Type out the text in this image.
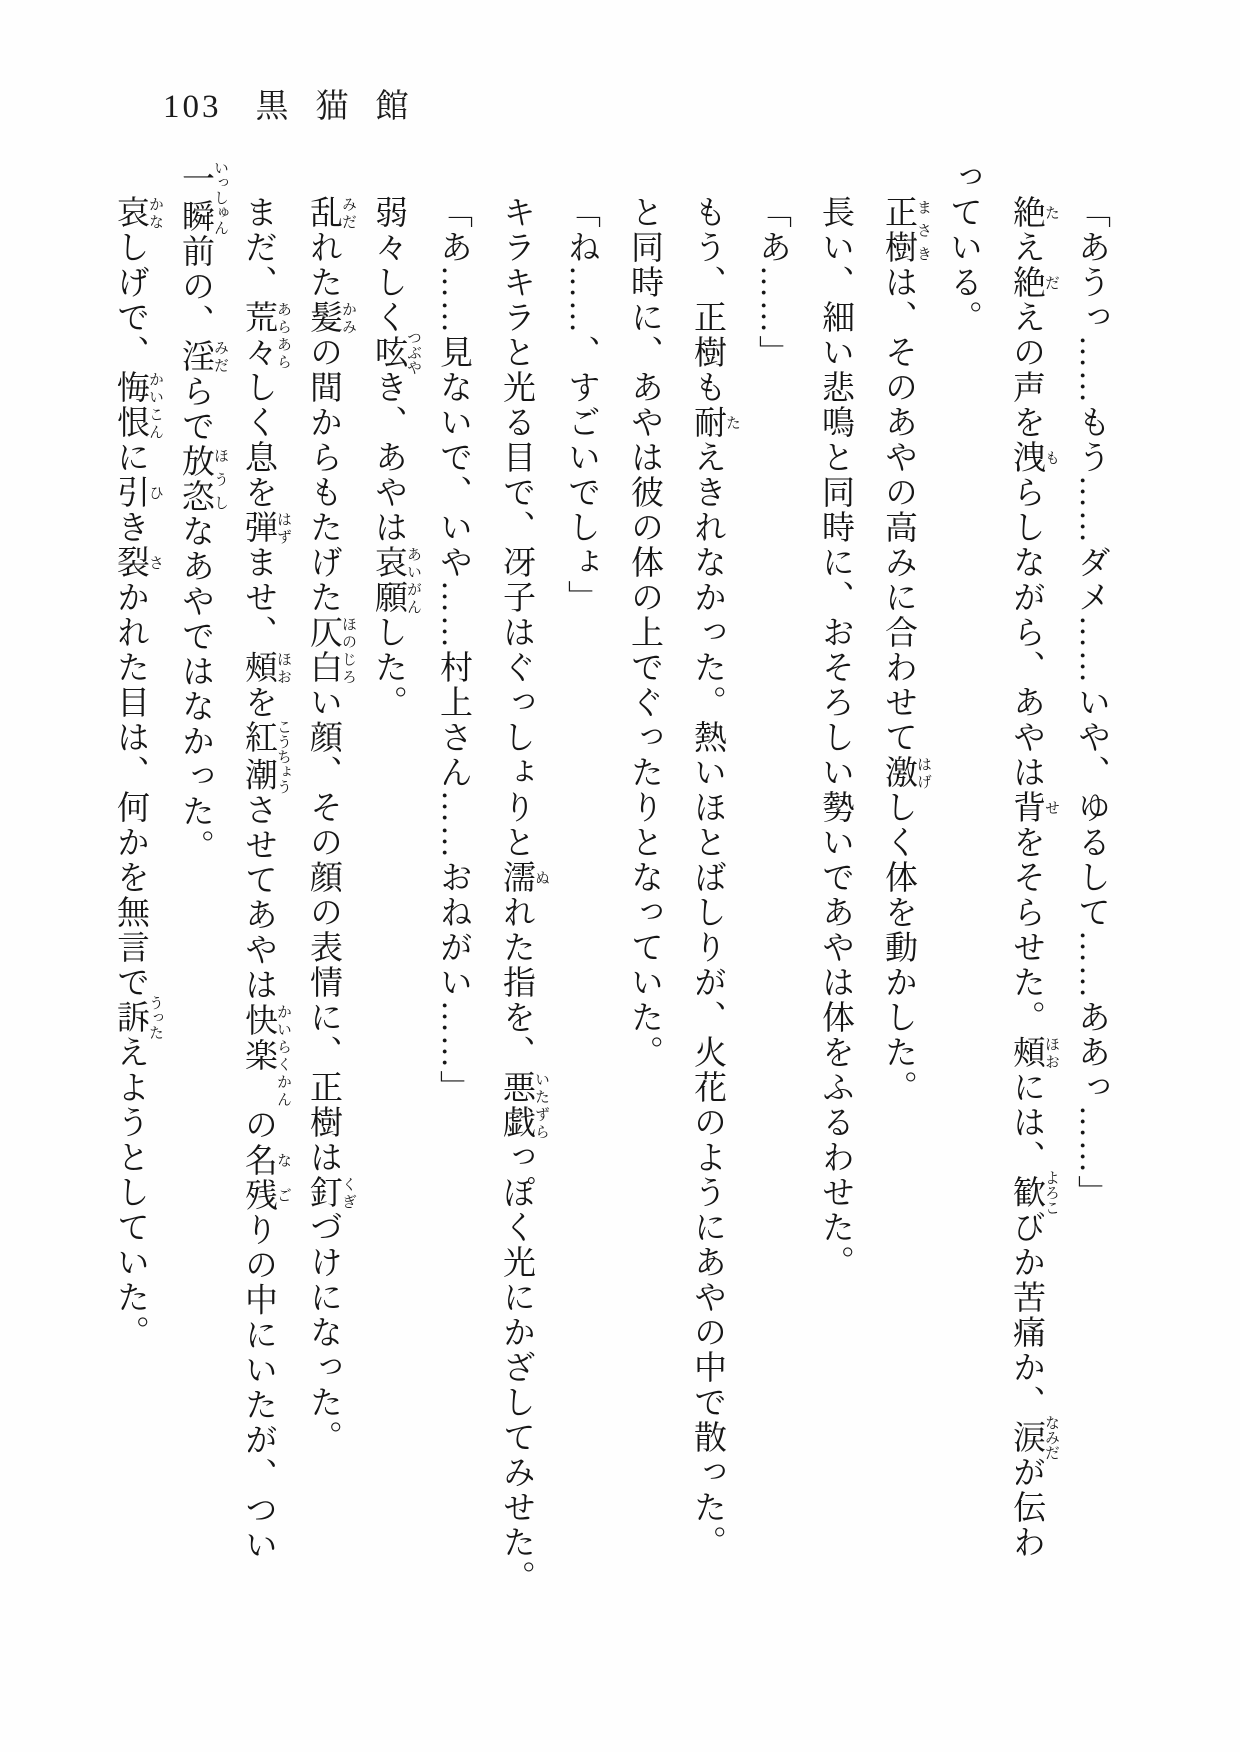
103 黒猫館

「あうっ……もう……ダメ……いや、ゆるして……ああっ……」

絶 たえ絶 だえの声を洩 もらしながら、あやは背 せをそらせた。頰 ほおには、歓 よろこびか苦痛か、涙 なみだが伝わ
っている。

正樹 まさきは、そのあやの高みに合わせて激 はげしく体を動かした。

長い、細い悲鳴と同時に、おそろしい勢いであやは体をふるわせた。

「あ……」

もう、正樹も耐 たえきれなかった。熱いほとばしりが、火花のようにあやの中で散った。

と同時に、あやは彼の体の上でぐったりとなっていた。

「ね……、すごいでしょ」

キラキラと光る目で、冴子はぐっしょりと濡 ぬれた指を、悪戯 いたずらっぽく光にかざしてみせた。

「あ……見ないで、いや……村上さん……おねがい……」

弱々しく呟 つぶやき、あやは哀願 あいがんした。

乱 みだれた髪 かみの間からもたげた仄白 ほのじろい顔、その顔の表情に、正樹は釘 くぎづけになった。

まだ、荒々 あらあらしく息を弾 はずませ、頰 ほおを紅潮 こうちょうさせてあやは快楽　 かいらくかんの名残 なごりの中にいたが、つい一瞬 いっしゅん前の、淫 みだらで放恣 ほうしなあやではなかった。

哀 かなしげで、悔恨 かいこんに引 ひき裂 さかれた目は、何かを無言で訴 うったえようとしていた。
